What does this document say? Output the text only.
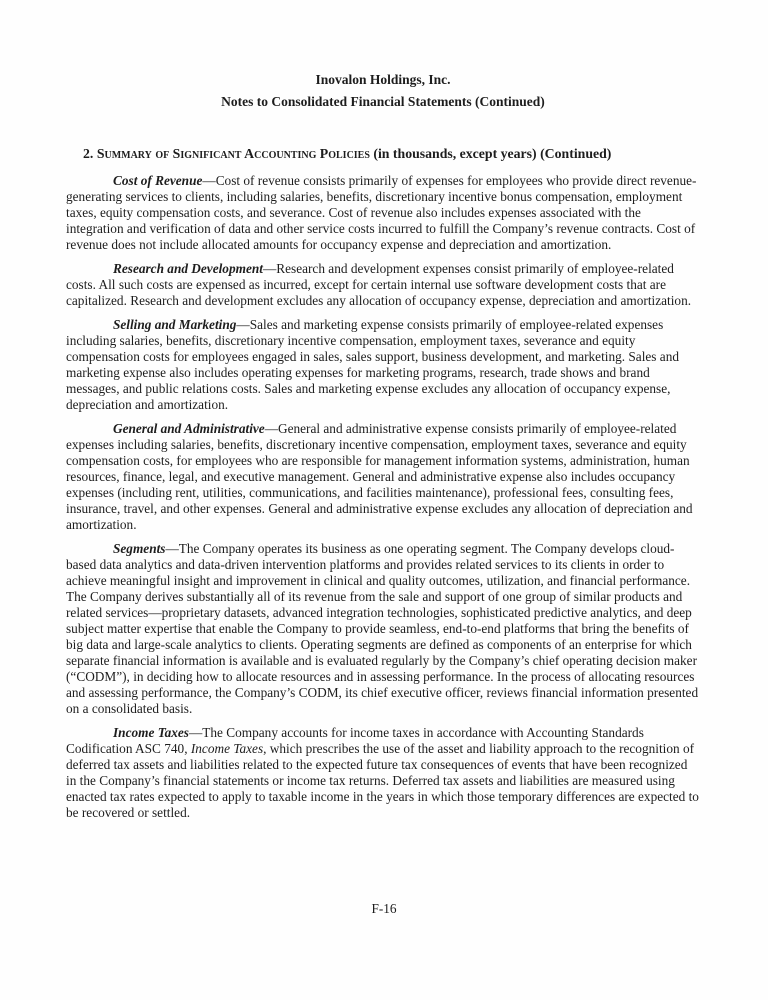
Inovalon Holdings, Inc.
Notes to Consolidated Financial Statements (Continued)
2. Summary of Significant Accounting Policies (in thousands, except years) (Continued)

Cost of Revenue—Cost of revenue consists primarily of expenses for employees who provide direct revenue-generating services to clients, including salaries, benefits, discretionary incentive bonus compensation, employment taxes, equity compensation costs, and severance. Cost of revenue also includes expenses associated with the integration and verification of data and other service costs incurred to fulfill the Company’s revenue contracts. Cost of revenue does not include allocated amounts for occupancy expense and depreciation and amortization.

Research and Development—Research and development expenses consist primarily of employee-related costs. All such costs are expensed as incurred, except for certain internal use software development costs that are capitalized. Research and development excludes any allocation of occupancy expense, depreciation and amortization.

Selling and Marketing—Sales and marketing expense consists primarily of employee-related expenses including salaries, benefits, discretionary incentive compensation, employment taxes, severance and equity compensation costs for employees engaged in sales, sales support, business development, and marketing. Sales and marketing expense also includes operating expenses for marketing programs, research, trade shows and brand messages, and public relations costs. Sales and marketing expense excludes any allocation of occupancy expense, depreciation and amortization.

General and Administrative—General and administrative expense consists primarily of employee-related expenses including salaries, benefits, discretionary incentive compensation, employment taxes, severance and equity compensation costs, for employees who are responsible for management information systems, administration, human resources, finance, legal, and executive management. General and administrative expense also includes occupancy expenses (including rent, utilities, communications, and facilities maintenance), professional fees, consulting fees, insurance, travel, and other expenses. General and administrative expense excludes any allocation of depreciation and amortization.

Segments—The Company operates its business as one operating segment. The Company develops cloud-based data analytics and data-driven intervention platforms and provides related services to its clients in order to achieve meaningful insight and improvement in clinical and quality outcomes, utilization, and financial performance. The Company derives substantially all of its revenue from the sale and support of one group of similar products and related services—proprietary datasets, advanced integration technologies, sophisticated predictive analytics, and deep subject matter expertise that enable the Company to provide seamless, end-to-end platforms that bring the benefits of big data and large-scale analytics to clients. Operating segments are defined as components of an enterprise for which separate financial information is available and is evaluated regularly by the Company’s chief operating decision maker (“CODM”), in deciding how to allocate resources and in assessing performance. In the process of allocating resources and assessing performance, the Company’s CODM, its chief executive officer, reviews financial information presented on a consolidated basis.

Income Taxes—The Company accounts for income taxes in accordance with Accounting Standards Codification ASC 740, Income Taxes, which prescribes the use of the asset and liability approach to the recognition of deferred tax assets and liabilities related to the expected future tax consequences of events that have been recognized in the Company’s financial statements or income tax returns. Deferred tax assets and liabilities are measured using enacted tax rates expected to apply to taxable income in the years in which those temporary differences are expected to be recovered or settled.

F-16
